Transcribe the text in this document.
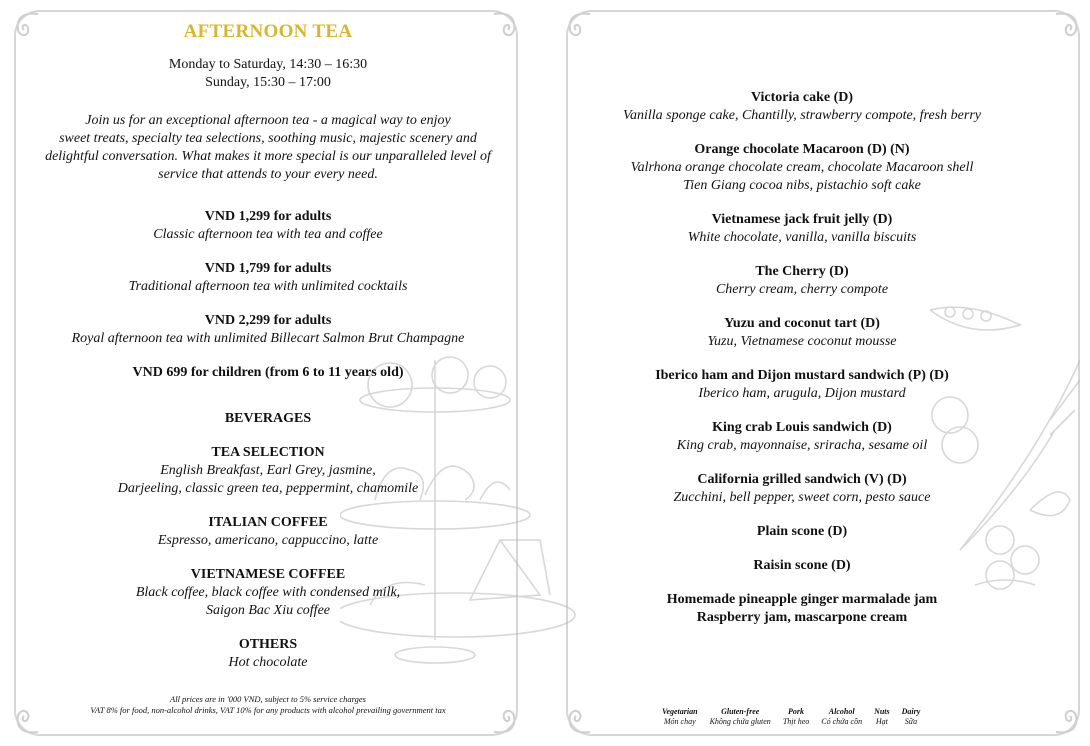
AFTERNOON TEA
Monday to Saturday, 14:30 – 16:30
Sunday, 15:30 – 17:00
Join us for an exceptional afternoon tea - a magical way to enjoy
sweet treats, specialty tea selections, soothing music, majestic scenery and
delightful conversation. What makes it more special is our unparalleled level of
service that attends to your every need.
VND 1,299 for adults
Classic afternoon tea with tea and coffee
VND 1,799 for adults
Traditional afternoon tea with unlimited cocktails
VND 2,299 for adults
Royal afternoon tea with unlimited Billecart Salmon Brut Champagne
VND 699 for children (from 6 to 11 years old)
BEVERAGES
TEA SELECTION
English Breakfast, Earl Grey, jasmine,
Darjeeling, classic green tea, peppermint, chamomile
ITALIAN COFFEE
Espresso, americano, cappuccino, latte
VIETNAMESE COFFEE
Black coffee, black coffee with condensed milk,
Saigon Bac Xiu coffee
OTHERS
Hot chocolate
All prices are in '000 VND, subject to 5% service charges
VAT 8% for food, non-alcohol drinks, VAT 10% for any products with alcohol prevailing government tax
Victoria cake (D)
Vanilla sponge cake, Chantilly, strawberry compote, fresh berry
Orange chocolate Macaroon (D) (N)
Valrhona orange chocolate cream, chocolate Macaroon shell
Tien Giang cocoa nibs, pistachio soft cake
Vietnamese jack fruit jelly (D)
White chocolate, vanilla, vanilla biscuits
The Cherry (D)
Cherry cream, cherry compote
Yuzu and coconut tart (D)
Yuzu, Vietnamese coconut mousse
Iberico ham and Dijon mustard sandwich (P) (D)
Iberico ham, arugula, Dijon mustard
King crab Louis sandwich (D)
King crab, mayonnaise, sriracha, sesame oil
California grilled sandwich (V) (D)
Zucchini, bell pepper, sweet corn, pesto sauce
Plain scone (D)
Raisin scone (D)
Homemade pineapple ginger marmalade jam
Raspberry jam, mascarpone cream
Vegetarian
Món chay
Gluten-free
Không chứa gluten
Pork
Thịt heo
Alcohol
Có chứa cồn
Nuts
Hạt
Dairy
Sữa
